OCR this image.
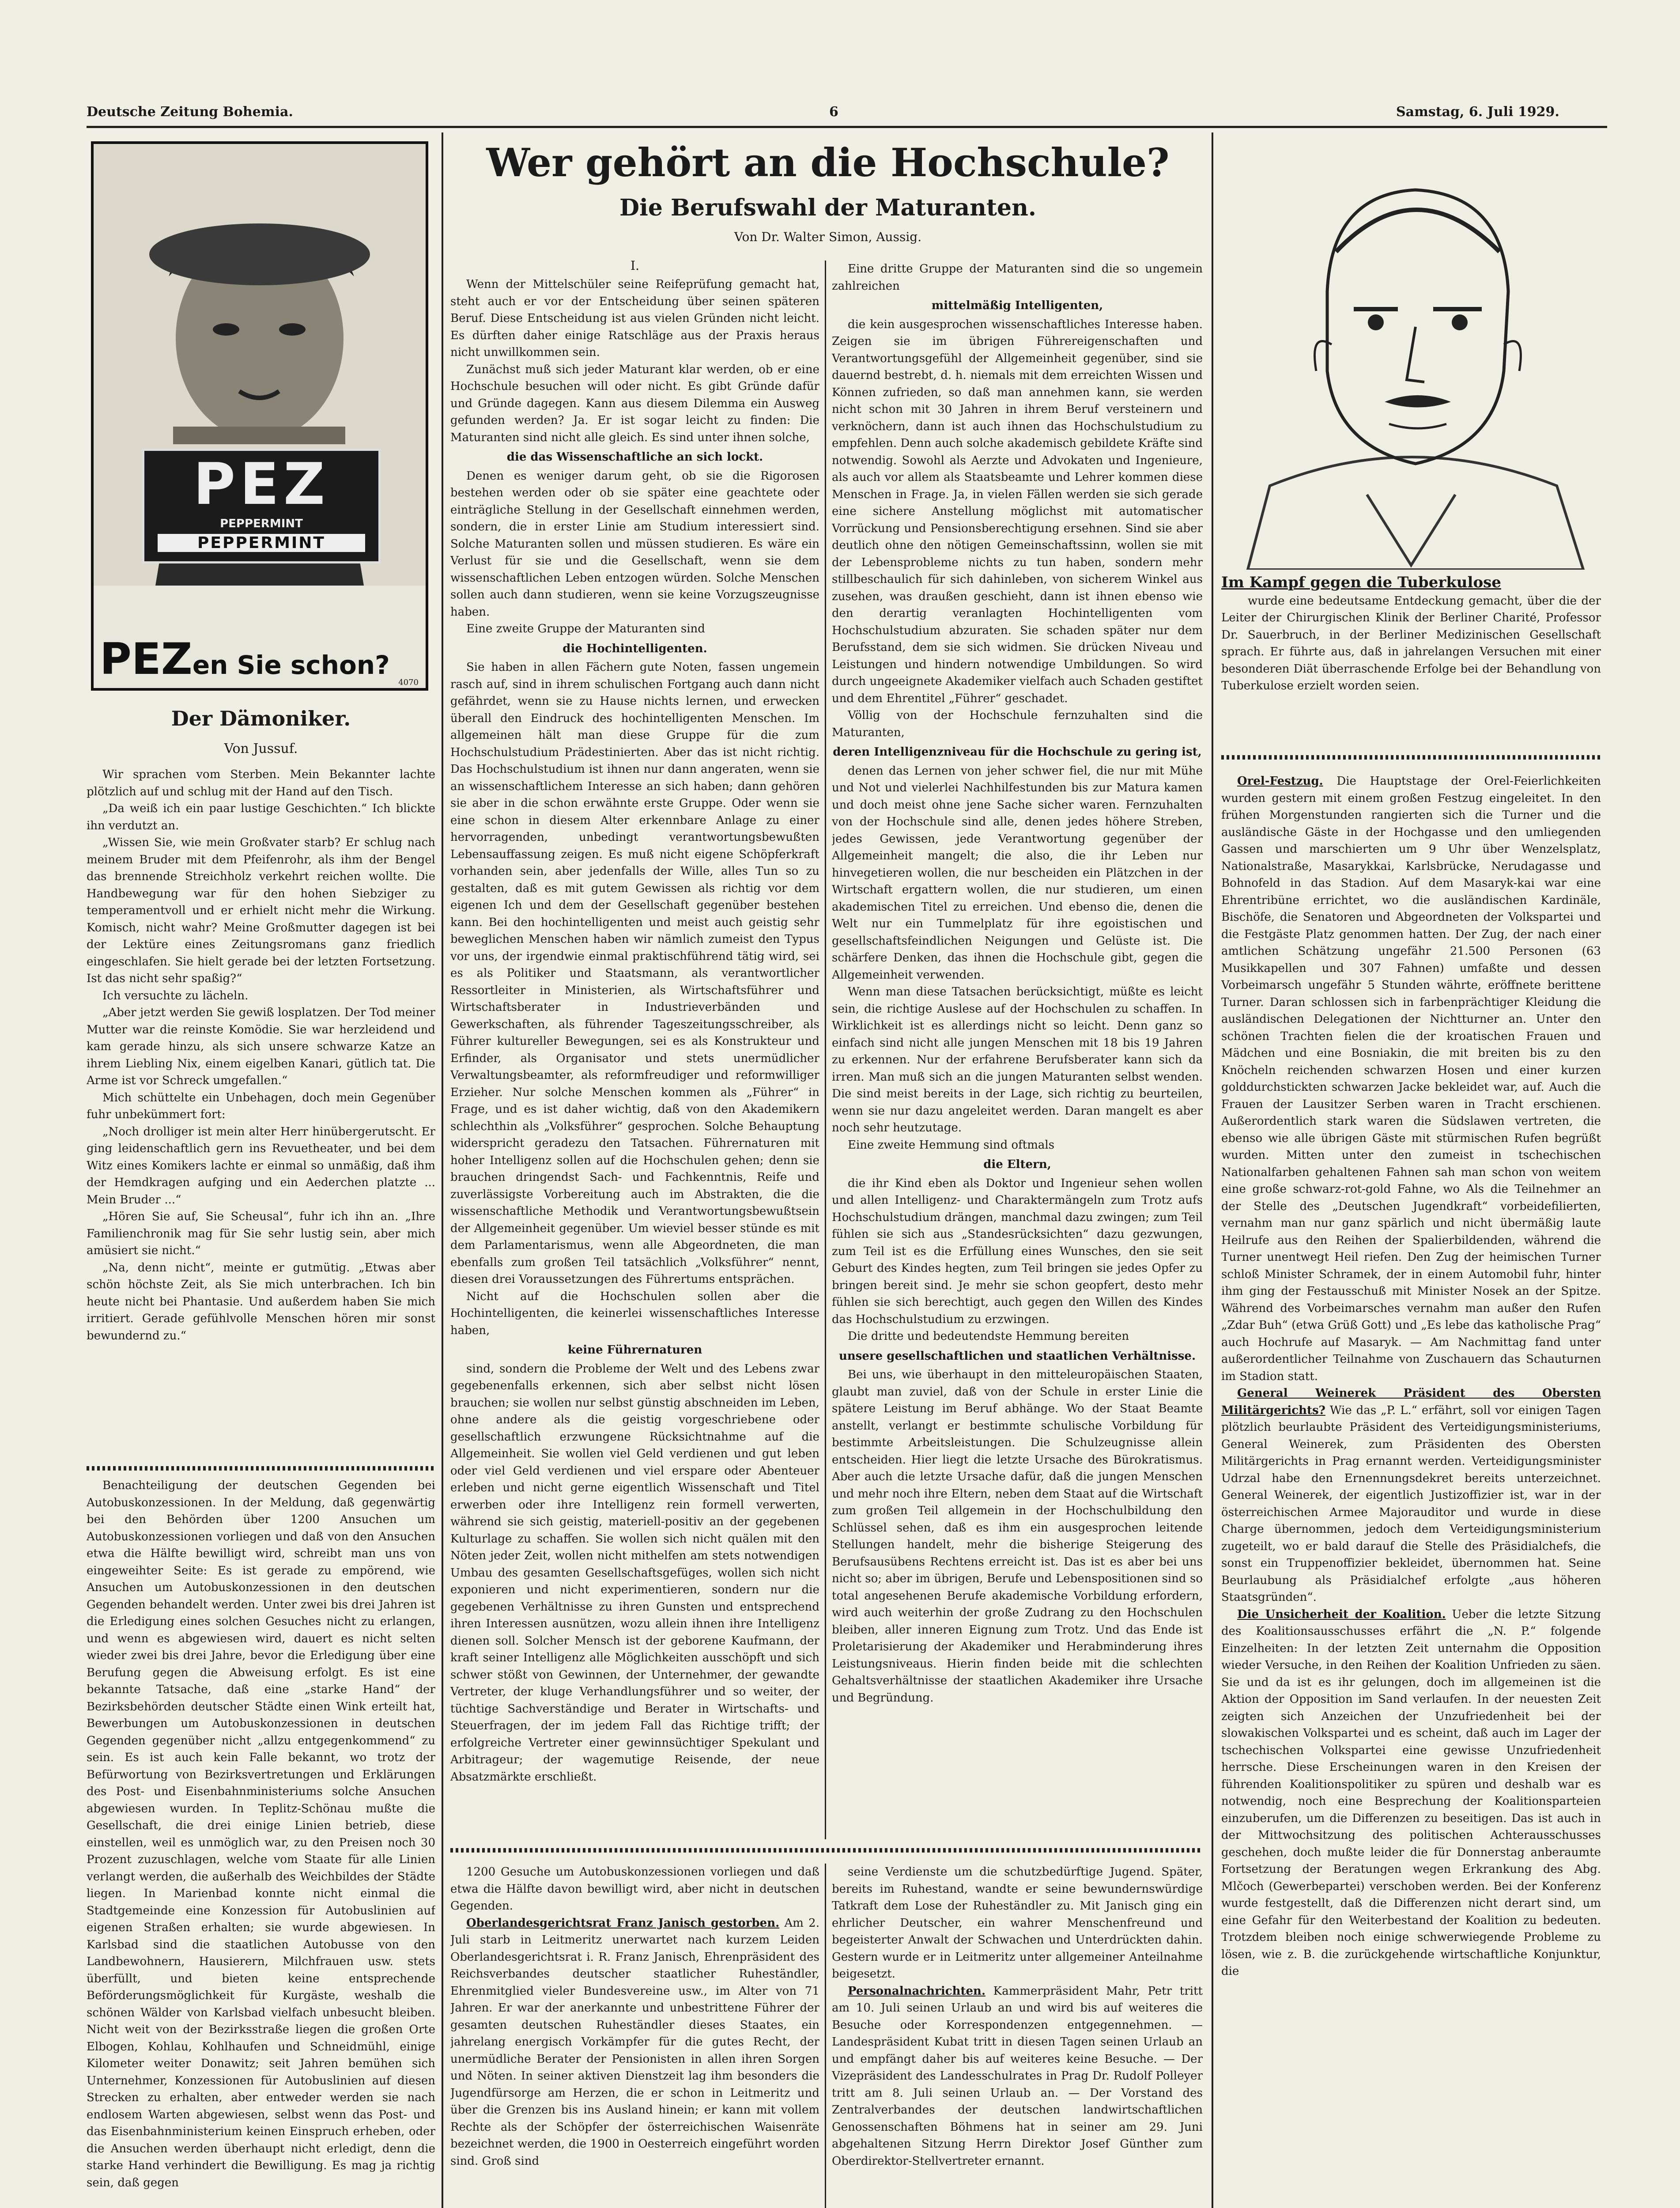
Deutsche Zeitung Bohemia.	6	Samstag, 6. Juli 1929.
PEZ
PEPPERMINT
PEPPERMINT
PEZen Sie schon?
4070
Der Dämoniker.
Von Jussuf.

Wir sprachen vom Sterben. Mein Bekannter lachte plötzlich auf und schlug mit der Hand auf den Tisch.

„Da weiß ich ein paar lustige Geschichten.“ Ich blickte ihn verdutzt an.

„Wissen Sie, wie mein Großvater starb? Er schlug nach meinem Bruder mit dem Pfeifenrohr, als ihm der Bengel das brennende Streichholz verkehrt reichen wollte. Die Handbewegung war für den hohen Siebziger zu temperamentvoll und er erhielt nicht mehr die Wirkung. Komisch, nicht wahr? Meine Großmutter dagegen ist bei der Lektüre eines Zeitungsromans ganz friedlich eingeschlafen. Sie hielt gerade bei der letzten Fortsetzung. Ist das nicht sehr spaßig?“

Ich versuchte zu lächeln.

„Aber jetzt werden Sie gewiß losplatzen. Der Tod meiner Mutter war die reinste Komödie. Sie war herzleidend und kam gerade hinzu, als sich unsere schwarze Katze an ihrem Liebling Nix, einem eigelben Kanari, gütlich tat. Die Arme ist vor Schreck umgefallen.“

Mich schüttelte ein Unbehagen, doch mein Gegenüber fuhr unbekümmert fort:

„Noch drolliger ist mein alter Herr hinübergerutscht. Er ging leidenschaftlich gern ins Revuetheater, und bei dem Witz eines Komikers lachte er einmal so unmäßig, daß ihm der Hemdkragen aufging und ein Aederchen platzte ... Mein Bruder ...“

„Hören Sie auf, Sie Scheusal“, fuhr ich ihn an. „Ihre Familienchronik mag für Sie sehr lustig sein, aber mich amüsiert sie nicht.“

„Na, denn nicht“, meinte er gutmütig. „Etwas aber schön höchste Zeit, als Sie mich unterbrachen. Ich bin heute nicht bei Phantasie. Und außerdem haben Sie mich irritiert. Gerade gefühlvolle Menschen hören mir sonst bewundernd zu.“

Benachteiligung der deutschen Gegenden bei Autobuskonzessionen. In der Meldung, daß gegenwärtig bei den Behörden über 1200 Ansuchen um Autobuskonzessionen vorliegen und daß von den Ansuchen etwa die Hälfte bewilligt wird, schreibt man uns von eingeweihter Seite: Es ist gerade zu empörend, wie Ansuchen um Autobuskonzessionen in den deutschen Gegenden behandelt werden. Unter zwei bis drei Jahren ist die Erledigung eines solchen Gesuches nicht zu erlangen, und wenn es abgewiesen wird, dauert es nicht selten wieder zwei bis drei Jahre, bevor die Erledigung über eine Berufung gegen die Abweisung erfolgt. Es ist eine bekannte Tatsache, daß eine „starke Hand“ der Bezirksbehörden deutscher Städte einen Wink erteilt hat, Bewerbungen um Autobuskonzessionen in deutschen Gegenden gegenüber nicht „allzu entgegenkommend“ zu sein. Es ist auch kein Falle bekannt, wo trotz der Befürwortung von Bezirksvertretungen und Erklärungen des Post- und Eisenbahnministeriums solche Ansuchen abgewiesen wurden. In Teplitz-Schönau mußte die Gesellschaft, die drei einige Linien betrieb, diese einstellen, weil es unmöglich war, zu den Preisen noch 30 Prozent zuzuschlagen, welche vom Staate für alle Linien verlangt werden, die außerhalb des Weichbildes der Städte liegen. In Marienbad konnte nicht einmal die Stadtgemeinde eine Konzession für Autobuslinien auf eigenen Straßen erhalten; sie wurde abgewiesen. In Karlsbad sind die staatlichen Autobusse von den Landbewohnern, Hausierern, Milchfrauen usw. stets überfüllt, und bieten keine entsprechende Beförderungsmöglichkeit für Kurgäste, weshalb die schönen Wälder von Karlsbad vielfach unbesucht bleiben. Nicht weit von der Bezirksstraße liegen die großen Orte Elbogen, Kohlau, Kohlhaufen und Schneidmühl, einige Kilometer weiter Donawitz; seit Jahren bemühen sich Unternehmer, Konzessionen für Autobuslinien auf diesen Strecken zu erhalten, aber entweder werden sie nach endlosem Warten abgewiesen, selbst wenn das Post- und das Eisenbahnministerium keinen Einspruch erheben, oder die Ansuchen werden überhaupt nicht erledigt, denn die starke Hand verhindert die Bewilligung. Es mag ja richtig sein, daß gegen

Wer gehört an die Hochschule?
Die Berufswahl der Maturanten.
Von Dr. Walter Simon, Aussig.
I.

Wenn der Mittelschüler seine Reifeprüfung gemacht hat, steht auch er vor der Entscheidung über seinen späteren Beruf. Diese Entscheidung ist aus vielen Gründen nicht leicht. Es dürften daher einige Ratschläge aus der Praxis heraus nicht unwillkommen sein.

Zunächst muß sich jeder Maturant klar werden, ob er eine Hochschule besuchen will oder nicht. Es gibt Gründe dafür und Gründe dagegen. Kann aus diesem Dilemma ein Ausweg gefunden werden? Ja. Er ist sogar leicht zu finden: Die Maturanten sind nicht alle gleich. Es sind unter ihnen solche,

die das Wissenschaftliche an sich lockt.

Denen es weniger darum geht, ob sie die Rigorosen bestehen werden oder ob sie später eine geachtete oder einträgliche Stellung in der Gesellschaft einnehmen werden, sondern, die in erster Linie am Studium interessiert sind. Solche Maturanten sollen und müssen studieren. Es wäre ein Verlust für sie und die Gesellschaft, wenn sie dem wissenschaftlichen Leben entzogen würden. Solche Menschen sollen auch dann studieren, wenn sie keine Vorzugszeugnisse haben.

Eine zweite Gruppe der Maturanten sind

die Hochintelligenten.

Sie haben in allen Fächern gute Noten, fassen ungemein rasch auf, sind in ihrem schulischen Fortgang auch dann nicht gefährdet, wenn sie zu Hause nichts lernen, und erwecken überall den Eindruck des hochintelligenten Menschen. Im allgemeinen hält man diese Gruppe für die zum Hochschulstudium Prädestinierten. Aber das ist nicht richtig. Das Hochschulstudium ist ihnen nur dann angeraten, wenn sie an wissenschaftlichem Interesse an sich haben; dann gehören sie aber in die schon erwähnte erste Gruppe. Oder wenn sie eine schon in diesem Alter erkennbare Anlage zu einer hervorragenden, unbedingt verantwortungsbewußten Lebensauffassung zeigen. Es muß nicht eigene Schöpferkraft vorhanden sein, aber jedenfalls der Wille, alles Tun so zu gestalten, daß es mit gutem Gewissen als richtig vor dem eigenen Ich und dem der Gesellschaft gegenüber bestehen kann. Bei den hochintelligenten und meist auch geistig sehr beweglichen Menschen haben wir nämlich zumeist den Typus vor uns, der irgendwie einmal praktischführend tätig wird, sei es als Politiker und Staatsmann, als verantwortlicher Ressortleiter in Ministerien, als Wirtschaftsführer und Wirtschaftsberater in Industrieverbänden und Gewerkschaften, als führender Tageszeitungsschreiber, als Führer kultureller Bewegungen, sei es als Konstrukteur und Erfinder, als Organisator und stets unermüdlicher Verwaltungsbeamter, als reformfreudiger und reformwilliger Erzieher. Nur solche Menschen kommen als „Führer“ in Frage, und es ist daher wichtig, daß von den Akademikern schlechthin als „Volksführer“ gesprochen. Solche Behauptung widerspricht geradezu den Tatsachen. Führernaturen mit hoher Intelligenz sollen auf die Hochschulen gehen; denn sie brauchen dringendst Sach- und Fachkenntnis, Reife und zuverlässigste Vorbereitung auch im Abstrakten, die die wissenschaftliche Methodik und Verantwortungsbewußtsein der Allgemeinheit gegenüber. Um wieviel besser stünde es mit dem Parlamentarismus, wenn alle Abgeordneten, die man ebenfalls zum großen Teil tatsächlich „Volksführer“ nennt, diesen drei Voraussetzungen des Führertums entsprächen.

Nicht auf die Hochschulen sollen aber die Hochintelligenten, die keinerlei wissenschaftliches Interesse haben,

keine Führernaturen

sind, sondern die Probleme der Welt und des Lebens zwar gegebenenfalls erkennen, sich aber selbst nicht lösen brauchen; sie wollen nur selbst günstig abschneiden im Leben, ohne andere als die geistig vorgeschriebene oder gesellschaftlich erzwungene Rücksichtnahme auf die Allgemeinheit. Sie wollen viel Geld verdienen und gut leben oder viel Geld verdienen und viel erspare oder Abenteuer erleben und nicht gerne eigentlich Wissenschaft und Titel erwerben oder ihre Intelligenz rein formell verwerten, während sie sich geistig, materiell-positiv an der gegebenen Kulturlage zu schaffen. Sie wollen sich nicht quälen mit den Nöten jeder Zeit, wollen nicht mithelfen am stets notwendigen Umbau des gesamten Gesellschaftsgefüges, wollen sich nicht exponieren und nicht experimentieren, sondern nur die gegebenen Verhältnisse zu ihren Gunsten und entsprechend ihren Interessen ausnützen, wozu allein ihnen ihre Intelligenz dienen soll. Solcher Mensch ist der geborene Kaufmann, der kraft seiner Intelligenz alle Möglichkeiten ausschöpft und sich schwer stößt von Gewinnen, der Unternehmer, der gewandte Vertreter, der kluge Verhandlungsführer und so weiter, der tüchtige Sachverständige und Berater in Wirtschafts- und Steuerfragen, der im jedem Fall das Richtige trifft; der erfolgreiche Vertreter einer gewinnsüchtiger Spekulant und Arbitrageur; der wagemutige Reisende, der neue Absatzmärkte erschließt.

Eine dritte Gruppe der Maturanten sind die so ungemein zahlreichen

mittelmäßig Intelligenten,

die kein ausgesprochen wissenschaftliches Interesse haben. Zeigen sie im übrigen Führereigenschaften und Verantwortungsgefühl der Allgemeinheit gegenüber, sind sie dauernd bestrebt, d. h. niemals mit dem erreichten Wissen und Können zufrieden, so daß man annehmen kann, sie werden nicht schon mit 30 Jahren in ihrem Beruf versteinern und verknöchern, dann ist auch ihnen das Hochschulstudium zu empfehlen. Denn auch solche akademisch gebildete Kräfte sind notwendig. Sowohl als Aerzte und Advokaten und Ingenieure, als auch vor allem als Staatsbeamte und Lehrer kommen diese Menschen in Frage. Ja, in vielen Fällen werden sie sich gerade eine sichere Anstellung möglichst mit automatischer Vorrückung und Pensionsberechtigung ersehnen. Sind sie aber deutlich ohne den nötigen Gemeinschaftssinn, wollen sie mit der Lebensprobleme nichts zu tun haben, sondern mehr stillbeschaulich für sich dahinleben, von sicherem Winkel aus zusehen, was draußen geschieht, dann ist ihnen ebenso wie den derartig veranlagten Hochintelligenten vom Hochschulstudium abzuraten. Sie schaden später nur dem Berufsstand, dem sie sich widmen. Sie drücken Niveau und Leistungen und hindern notwendige Umbildungen. So wird durch ungeeignete Akademiker vielfach auch Schaden gestiftet und dem Ehrentitel „Führer“ geschadet.

Völlig von der Hochschule fernzuhalten sind die Maturanten,

deren Intelligenzniveau für die Hochschule zu gering ist,

denen das Lernen von jeher schwer fiel, die nur mit Mühe und Not und vielerlei Nachhilfestunden bis zur Matura kamen und doch meist ohne jene Sache sicher waren. Fernzuhalten von der Hochschule sind alle, denen jedes höhere Streben, jedes Gewissen, jede Verantwortung gegenüber der Allgemeinheit mangelt; die also, die ihr Leben nur hinvegetieren wollen, die nur bescheiden ein Plätzchen in der Wirtschaft ergattern wollen, die nur studieren, um einen akademischen Titel zu erreichen. Und ebenso die, denen die Welt nur ein Tummelplatz für ihre egoistischen und gesellschaftsfeindlichen Neigungen und Gelüste ist. Die schärfere Denken, das ihnen die Hochschule gibt, gegen die Allgemeinheit verwenden.

Wenn man diese Tatsachen berücksichtigt, müßte es leicht sein, die richtige Auslese auf der Hochschulen zu schaffen. In Wirklichkeit ist es allerdings nicht so leicht. Denn ganz so einfach sind nicht alle jungen Menschen mit 18 bis 19 Jahren zu erkennen. Nur der erfahrene Berufsberater kann sich da irren. Man muß sich an die jungen Maturanten selbst wenden. Die sind meist bereits in der Lage, sich richtig zu beurteilen, wenn sie nur dazu angeleitet werden. Daran mangelt es aber noch sehr heutzutage.

Eine zweite Hemmung sind oftmals

die Eltern,

die ihr Kind eben als Doktor und Ingenieur sehen wollen und allen Intelligenz- und Charaktermängeln zum Trotz aufs Hochschulstudium drängen, manchmal dazu zwingen; zum Teil fühlen sie sich aus „Standesrücksichten“ dazu gezwungen, zum Teil ist es die Erfüllung eines Wunsches, den sie seit Geburt des Kindes hegten, zum Teil bringen sie jedes Opfer zu bringen bereit sind. Je mehr sie schon geopfert, desto mehr fühlen sie sich berechtigt, auch gegen den Willen des Kindes das Hochschulstudium zu erzwingen.

Die dritte und bedeutendste Hemmung bereiten

unsere gesellschaftlichen und staatlichen Verhältnisse.

Bei uns, wie überhaupt in den mitteleuropäischen Staaten, glaubt man zuviel, daß von der Schule in erster Linie die spätere Leistung im Beruf abhänge. Wo der Staat Beamte anstellt, verlangt er bestimmte schulische Vorbildung für bestimmte Arbeitsleistungen. Die Schulzeugnisse allein entscheiden. Hier liegt die letzte Ursache des Bürokratismus. Aber auch die letzte Ursache dafür, daß die jungen Menschen und mehr noch ihre Eltern, neben dem Staat auf die Wirtschaft zum großen Teil allgemein in der Hochschulbildung den Schlüssel sehen, daß es ihm ein ausgesprochen leitende Stellungen handelt, mehr die bisherige Steigerung des Berufsausübens Rechtens erreicht ist. Das ist es aber bei uns nicht so; aber im übrigen, Berufe und Lebenspositionen sind so total angesehenen Berufe akademische Vorbildung erfordern, wird auch weiterhin der große Zudrang zu den Hochschulen bleiben, aller inneren Eignung zum Trotz. Und das Ende ist Proletarisierung der Akademiker und Herabminderung ihres Leistungsniveaus. Hierin finden beide mit die schlechten Gehaltsverhältnisse der staatlichen Akademiker ihre Ursache und Begründung.

1200 Gesuche um Autobuskonzessionen vorliegen und daß etwa die Hälfte davon bewilligt wird, aber nicht in deutschen Gegenden.

Oberlandesgerichtsrat Franz Janisch gestorben. Am 2. Juli starb in Leitmeritz unerwartet nach kurzem Leiden Oberlandesgerichtsrat i. R. Franz Janisch, Ehrenpräsident des Reichsverbandes deutscher staatlicher Ruheständler, Ehrenmitglied vieler Bundesvereine usw., im Alter von 71 Jahren. Er war der anerkannte und unbestrittene Führer der gesamten deutschen Ruheständler dieses Staates, ein jahrelang energisch Vorkämpfer für die gutes Recht, der unermüdliche Berater der Pensionisten in allen ihren Sorgen und Nöten. In seiner aktiven Dienstzeit lag ihm besonders die Jugendfürsorge am Herzen, die er schon in Leitmeritz und über die Grenzen bis ins Ausland hinein; er kann mit vollem Rechte als der Schöpfer der österreichischen Waisenräte bezeichnet werden, die 1900 in Oesterreich eingeführt worden sind. Groß sind

seine Verdienste um die schutzbedürftige Jugend. Später, bereits im Ruhestand, wandte er seine bewundernswürdige Tatkraft dem Lose der Ruheständler zu. Mit Janisch ging ein ehrlicher Deutscher, ein wahrer Menschenfreund und begeisterter Anwalt der Schwachen und Unterdrückten dahin. Gestern wurde er in Leitmeritz unter allgemeiner Anteilnahme beigesetzt.

Personalnachrichten. Kammerpräsident Mahr, Petr tritt am 10. Juli seinen Urlaub an und wird bis auf weiteres die Besuche oder Korrespondenzen entgegennehmen. — Landespräsident Kubat tritt in diesen Tagen seinen Urlaub an und empfängt daher bis auf weiteres keine Besuche. — Der Vizepräsident des Landesschulrates in Prag Dr. Rudolf Polleyer tritt am 8. Juli seinen Urlaub an. — Der Vorstand des Zentralverbandes der deutschen landwirtschaftlichen Genossenschaften Böhmens hat in seiner am 29. Juni abgehaltenen Sitzung Herrn Direktor Josef Günther zum Oberdirektor-Stellvertreter ernannt.

Im Kampf gegen die Tuberkulose

wurde eine bedeutsame Entdeckung gemacht, über die der Leiter der Chirurgischen Klinik der Berliner Charité, Professor Dr. Sauerbruch, in der Berliner Medizinischen Gesellschaft sprach. Er führte aus, daß in jahrelangen Versuchen mit einer besonderen Diät überraschende Erfolge bei der Behandlung von Tuberkulose erzielt worden seien.

Orel-Festzug. Die Hauptstage der Orel-Feierlichkeiten wurden gestern mit einem großen Festzug eingeleitet. In den frühen Morgenstunden rangierten sich die Turner und die ausländische Gäste in der Hochgasse und den umliegenden Gassen und marschierten um 9 Uhr über Wenzelsplatz, Nationalstraße, Masarykkai, Karlsbrücke, Nerudagasse und Bohnofeld in das Stadion. Auf dem Masaryk-kai war eine Ehrentribüne errichtet, wo die ausländischen Kardinäle, Bischöfe, die Senatoren und Abgeordneten der Volkspartei und die Festgäste Platz genommen hatten. Der Zug, der nach einer amtlichen Schätzung ungefähr 21.500 Personen (63 Musikkapellen und 307 Fahnen) umfaßte und dessen Vorbeimarsch ungefähr 5 Stunden währte, eröffnete berittene Turner. Daran schlossen sich in farbenprächtiger Kleidung die ausländischen Delegationen der Nichtturner an. Unter den schönen Trachten fielen die der kroatischen Frauen und Mädchen und eine Bosniakin, die mit breiten bis zu den Knöcheln reichenden schwarzen Hosen und einer kurzen golddurchstickten schwarzen Jacke bekleidet war, auf. Auch die Frauen der Lausitzer Serben waren in Tracht erschienen. Außerordentlich stark waren die Südslawen vertreten, die ebenso wie alle übrigen Gäste mit stürmischen Rufen begrüßt wurden. Mitten unter den zumeist in tschechischen Nationalfarben gehaltenen Fahnen sah man schon von weitem eine große schwarz-rot-gold Fahne, wo Als die Teilnehmer an der Stelle des „Deutschen Jugendkraft“ vorbeidefilierten, vernahm man nur ganz spärlich und nicht übermäßig laute Heilrufe aus den Reihen der Spalierbildenden, während die Turner unentwegt Heil riefen. Den Zug der heimischen Turner schloß Minister Schramek, der in einem Automobil fuhr, hinter ihm ging der Festausschuß mit Minister Nosek an der Spitze. Während des Vorbeimarsches vernahm man außer den Rufen „Zdar Buh“ (etwa Grüß Gott) und „Es lebe das katholische Prag“ auch Hochrufe auf Masaryk. — Am Nachmittag fand unter außerordentlicher Teilnahme von Zuschauern das Schauturnen im Stadion statt.

General Weinerek Präsident des Obersten Militärgerichts? Wie das „P. L.“ erfährt, soll vor einigen Tagen plötzlich beurlaubte Präsident des Verteidigungsministeriums, General Weinerek, zum Präsidenten des Obersten Militärgerichts in Prag ernannt werden. Verteidigungsminister Udrzal habe den Ernennungsdekret bereits unterzeichnet. General Weinerek, der eigentlich Justizoffizier ist, war in der österreichischen Armee Majorauditor und wurde in diese Charge übernommen, jedoch dem Verteidigungsministerium zugeteilt, wo er bald darauf die Stelle des Präsidialchefs, die sonst ein Truppenoffizier bekleidet, übernommen hat. Seine Beurlaubung als Präsidialchef erfolgte „aus höheren Staatsgründen“.

Die Unsicherheit der Koalition. Ueber die letzte Sitzung des Koalitionsausschusses erfährt die „N. P.“ folgende Einzelheiten: In der letzten Zeit unternahm die Opposition wieder Versuche, in den Reihen der Koalition Unfrieden zu säen. Sie und da ist es ihr gelungen, doch im allgemeinen ist die Aktion der Opposition im Sand verlaufen. In der neuesten Zeit zeigten sich Anzeichen der Unzufriedenheit bei der slowakischen Volkspartei und es scheint, daß auch im Lager der tschechischen Volkspartei eine gewisse Unzufriedenheit herrsche. Diese Erscheinungen waren in den Kreisen der führenden Koalitionspolitiker zu spüren und deshalb war es notwendig, noch eine Besprechung der Koalitionsparteien einzuberufen, um die Differenzen zu beseitigen. Das ist auch in der Mittwochsitzung des politischen Achterausschusses geschehen, doch mußte leider die für Donnerstag anberaumte Fortsetzung der Beratungen wegen Erkrankung des Abg. Mlčoch (Gewerbepartei) verschoben werden. Bei der Konferenz wurde festgestellt, daß die Differenzen nicht derart sind, um eine Gefahr für den Weiterbestand der Koalition zu bedeuten. Trotzdem bleiben noch einige schwerwiegende Probleme zu lösen, wie z. B. die zurückgehende wirtschaftliche Konjunktur, die
